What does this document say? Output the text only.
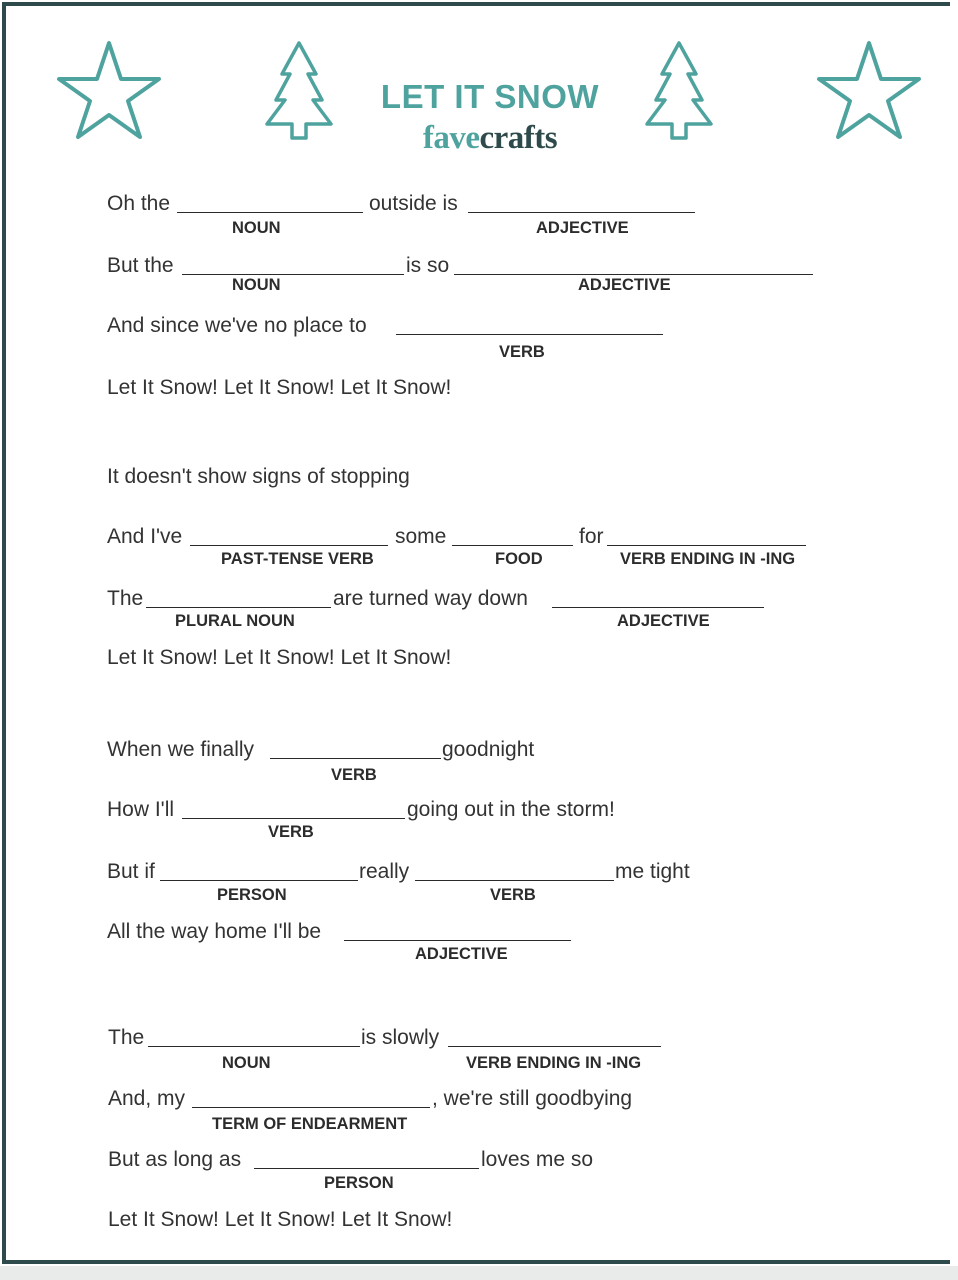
LET IT SNOW
favecrafts
Oh the	outside is
NOUN	ADJECTIVE
But the	is so
NOUN	ADJECTIVE
And since we've no place to
VERB
Let It Snow! Let It Snow! Let It Snow!
It doesn't show signs of stopping
And I've	some	for
PAST-TENSE VERB	FOOD	VERB ENDING IN -ING
The	are turned way down
PLURAL NOUN	ADJECTIVE
Let It Snow! Let It Snow! Let It Snow!
When we finally	goodnight
VERB
How I'll	going out in the storm!
VERB
But if	really	me tight
PERSON	VERB
All the way home I'll be
ADJECTIVE
The	is slowly
NOUN	VERB ENDING IN -ING
And, my	, we're still goodbying
TERM OF ENDEARMENT
But as long as	loves me so
PERSON
Let It Snow! Let It Snow! Let It Snow!
